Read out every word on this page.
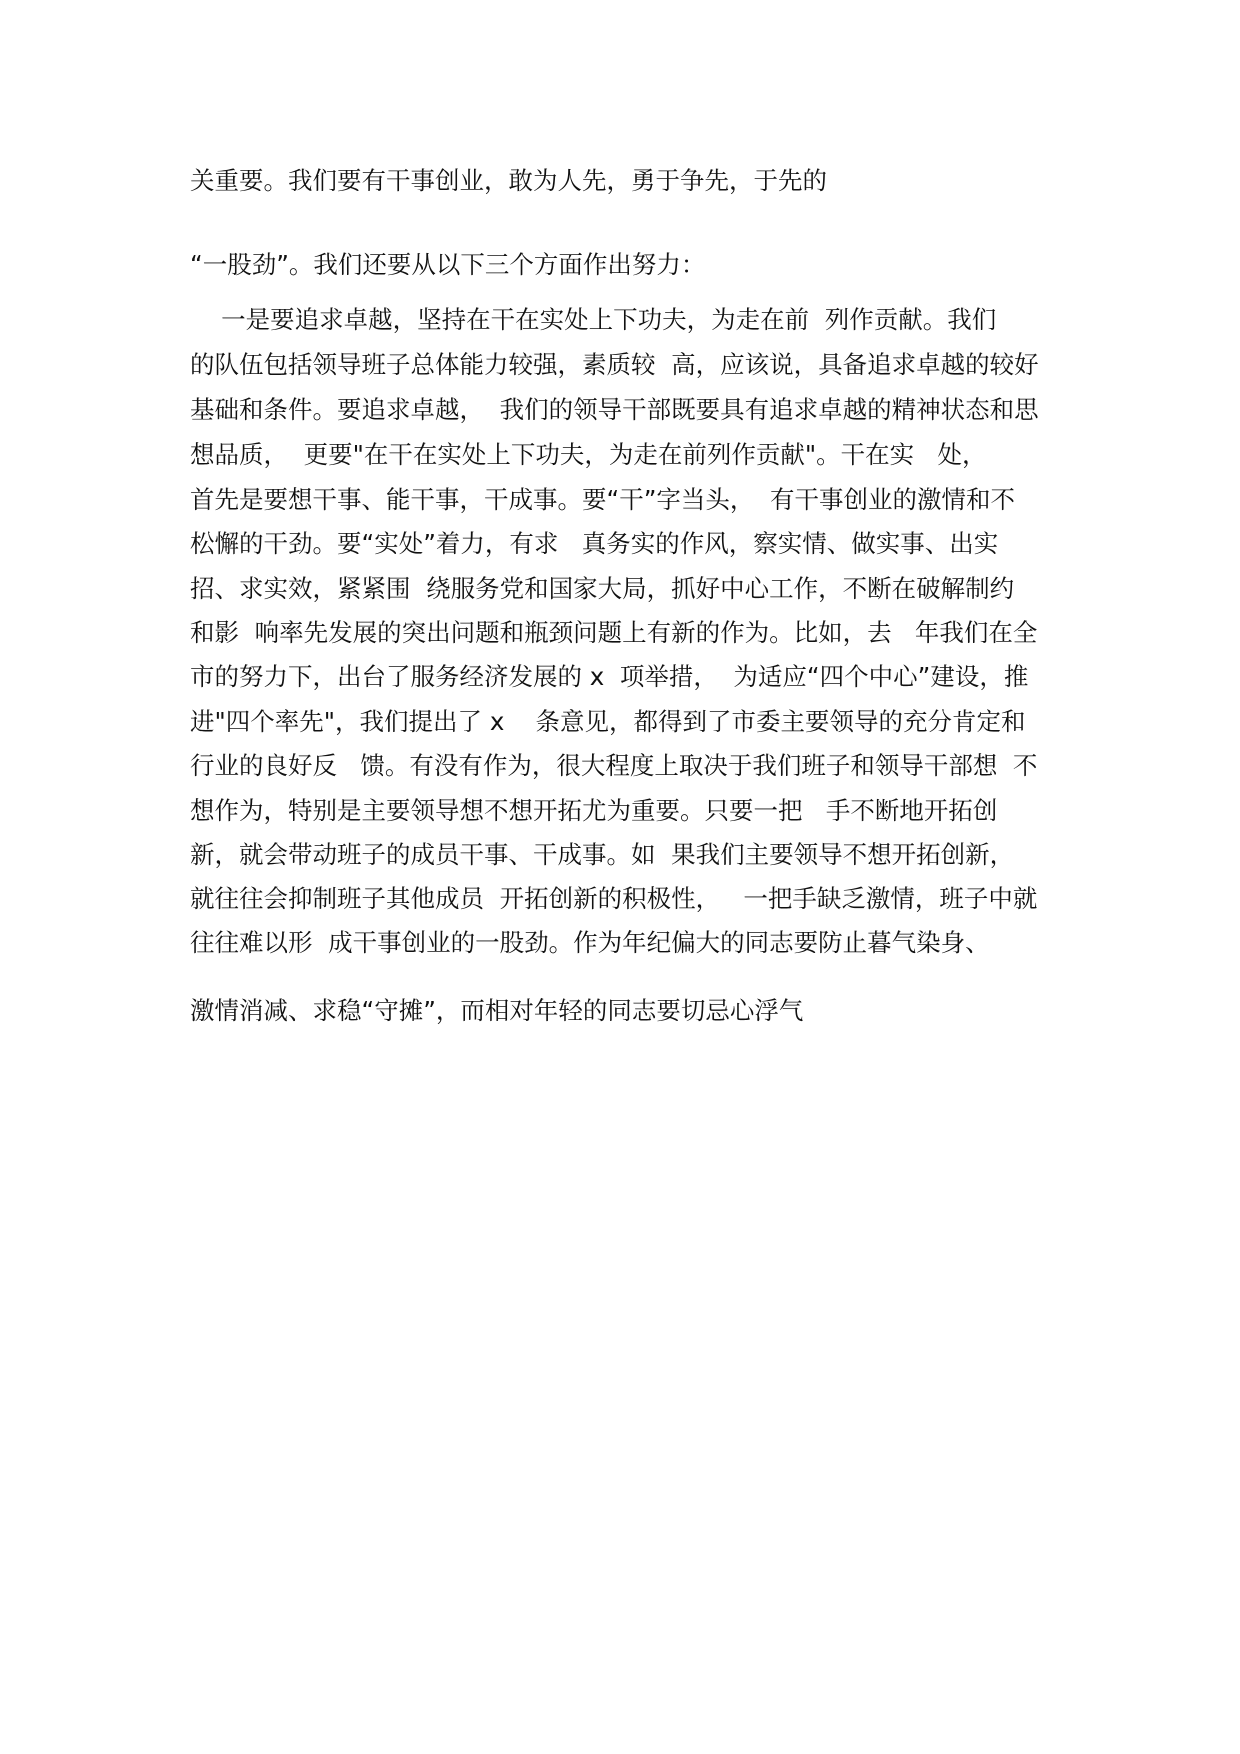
关重要。我们要有干事创业，敢为人先，勇于争先，于先的
“一股劲”。我们还要从以下三个方面作出努力：
一是要追求卓越，坚持在干在实处上下功夫，为走在前  列作贡献。我们
的队伍包括领导班子总体能力较强，素质较  高，应该说，具备追求卓越的较好
基础和条件。要追求卓越，  我们的领导干部既要具有追求卓越的精神状态和思
想品质，  更要"在干在实处上下功夫，为走在前列作贡献"。干在实   处，
首先是要想干事、能干事，干成事。要“干”字当头，  有干事创业的激情和不
松懈的干劲。要“实处”着力，有求   真务实的作风，察实情、做实事、出实
招、求实效，紧紧围  绕服务党和国家大局，抓好中心工作，不断在破解制约
和影  响率先发展的突出问题和瓶颈问题上有新的作为。比如，去   年我们在全
市的努力下，出台了服务经济发展的 x  项举措，  为适应“四个中心”建设，推
进"四个率先"，我们提出了 x    条意见，都得到了市委主要领导的充分肯定和
行业的良好反   馈。有没有作为，很大程度上取决于我们班子和领导干部想  不
想作为，特别是主要领导想不想开拓尤为重要。只要一把   手不断地开拓创
新，就会带动班子的成员干事、干成事。如  果我们主要领导不想开拓创新，
就往往会抑制班子其他成员  开拓创新的积极性，   一把手缺乏激情，班子中就
往往难以形  成干事创业的一股劲。作为年纪偏大的同志要防止暮气染身、
激情消减、求稳“守摊”，而相对年轻的同志要切忌心浮气
